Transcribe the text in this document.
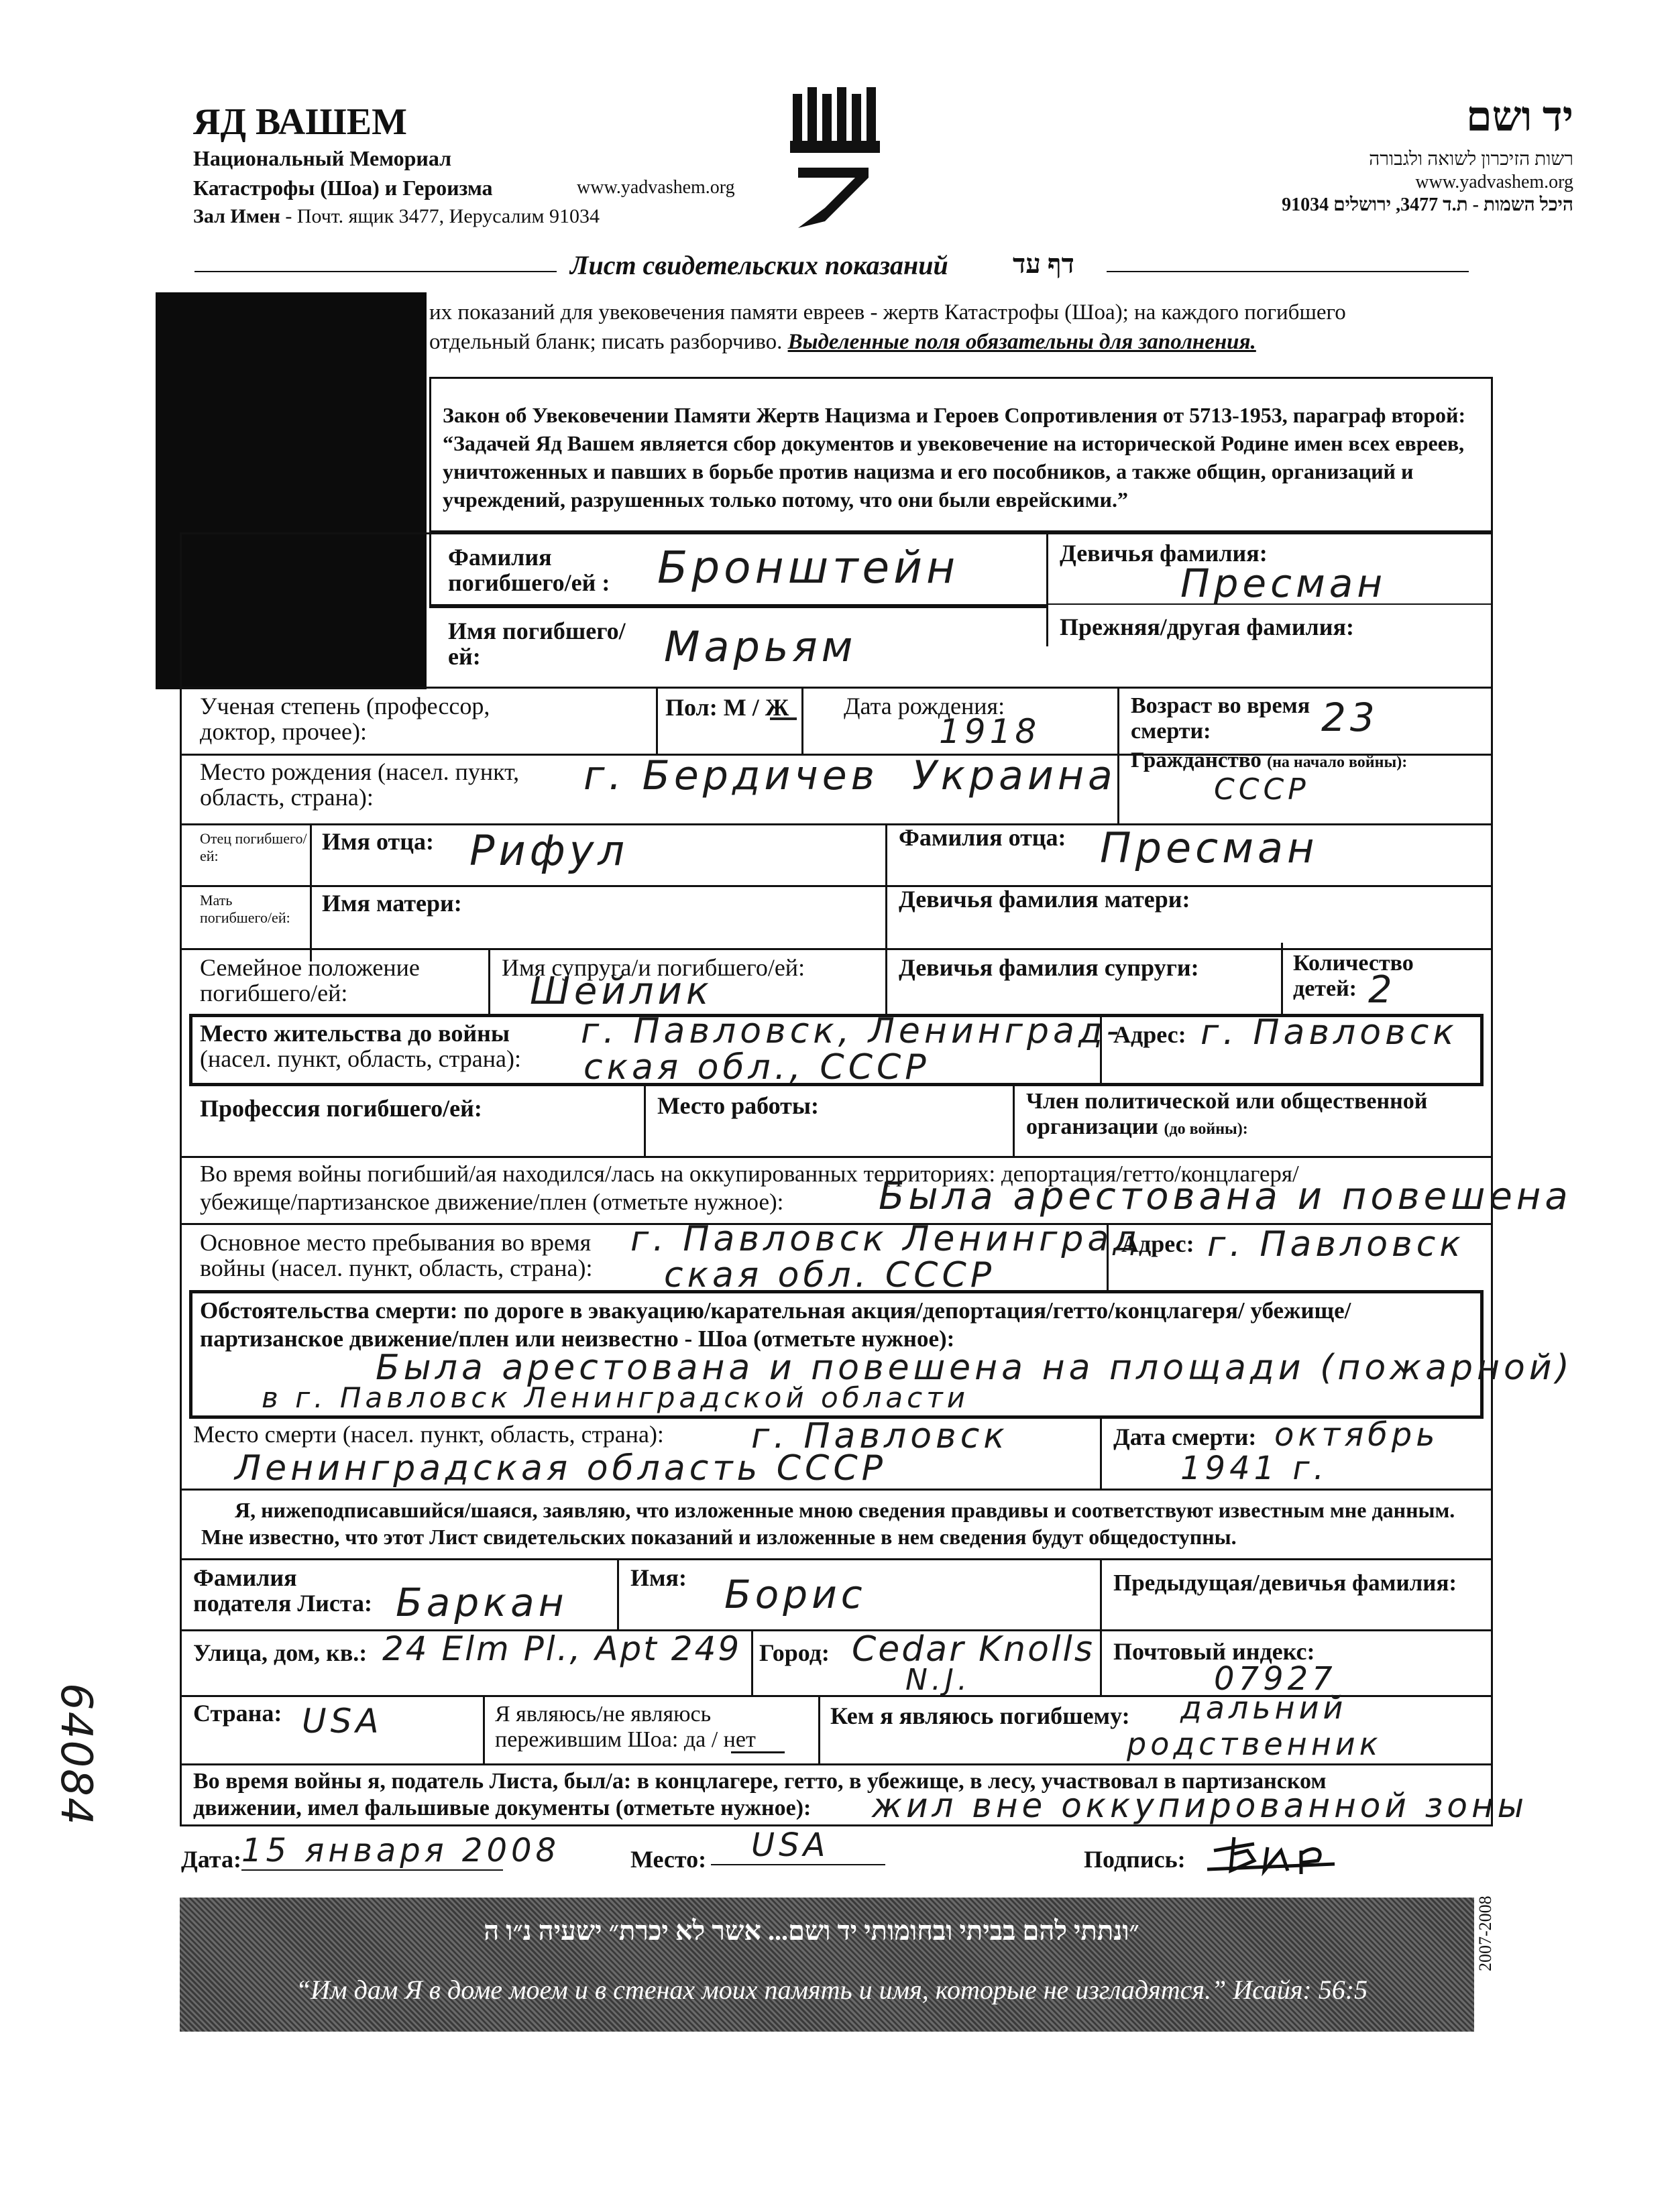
ЯД ВАШЕМ
Национальный Мемориал
Катастрофы (Шоа) и Героизма	www.yadvashem.org
Зал Имен - Почт. ящик 3477, Иерусалим 91034
יד ושם
רשות הזיכרון לשואה ולגבורה
www.yadvashem.org
היכל השמות - ת.ד 3477, ירושלים 91034
Лист свидетельских показаний דף עד
их показаний для увековечения памяти евреев - жертв Катастрофы (Шоа); на каждого погибшего
отдельный бланк; писать разборчиво. Выделенные поля обязательны для заполнения.
Закон об Увековечении Памяти Жертв Нацизма и Героев Сопротивления от 5713-1953, параграф второй: “Задачей Яд Вашем является сбор документов и увековечение на исторической Родине имен всех евреев, уничтоженных и павших в борьбе против нацизма и его пособников, а также общин, организаций и учреждений, разрушенных только потому, что они были еврейскими.”
Фамилия погибшего/ей :	Бронштейн	Девичья фамилия:
Пресман
Имя погибшего/ей:	Марьям	Прежняя/другая фамилия:
Ученая степень (профессор, доктор, прочее):
Пол: М / Ж Дата рождения:
1918
Возраст во время смерти:	23
Место рождения (насел. пункт, область, страна):	г. Бердичев  Украина Гражданство (на начало войны):
СССР
Отец погибшего/ей:
Имя отца: Рифул	Фамилия отца: Пресман
Мать погибшего/ей:
Имя матери:	Девичья фамилия матери:
Семейное положение погибшего/ей:
Имя супруга/и погибшего/ей:
Шейлик
Девичья фамилия супруги:	Количество детей: 2
Место жительства до войны
(насел. пункт, область, страна):
г. Павловск, Ленинград-
ская обл., СССР
Адрес: г. Павловск
Профессия погибшего/ей:	Место работы:	Член политической или общественной организации (до войны):
Во время войны погибший/ая находился/лась на оккупированных территориях: депортация/гетто/концлагеря/
убежище/партизанское движение/плен (отметьте нужное):	Была арестована и повешена
Основное место пребывания во время войны (насел. пункт, область, страна):
г. Павловск Ленинград
ская обл. СССР
Адрес: г. Павловск
Обстоятельства смерти: по дороге в эвакуацию/карательная акция/депортация/гетто/концлагеря/ убежище/партизанское движение/плен или неизвестно - Шоа (отметьте нужное):
Была арестована и повешена на площади (пожарной)
в г. Павловск Ленинградской области
Место смерти (насел. пункт, область, страна):	г. Павловск
Ленинградская область СССР
Дата смерти: октябрь
1941 г.
Я, нижеподписавшийся/шаяся, заявляю, что изложенные мною сведения правдивы и соответствуют известным мне данным. Мне известно, что этот Лист свидетельских показаний и изложенные в нем сведения будут общедоступны.
Фамилия подателя Листа: Баркан
Имя: Борис	Предыдущая/девичья фамилия:
Улица, дом, кв.: 24 Elm Pl., Apt 249 Город: Cedar Knolls
N.J.
Почтовый индекс:
07927
Страна: USA	Я являюсь/не являюсь пережившим Шоа: да / нет
Кем я являюсь погибшему: дальний
родственник
Во время войны я, податель Листа, был/а: в концлагере, гетто, в убежище, в лесу, участвовал в партизанском
движении, имел фальшивые документы (отметьте нужное): жил вне оккупированной зоны
Дата: 15 января 2008	Место:	USA	Подпись:
״ונתתי להם בביתי ובחומותי יד ושם... אשר לא יכרת״ ישעיה נ״ו ה
“Им дам Я в доме моем и в стенах моих память и имя, которые не изгладятся.” Исайя: 56:5
2007-2008
64084
